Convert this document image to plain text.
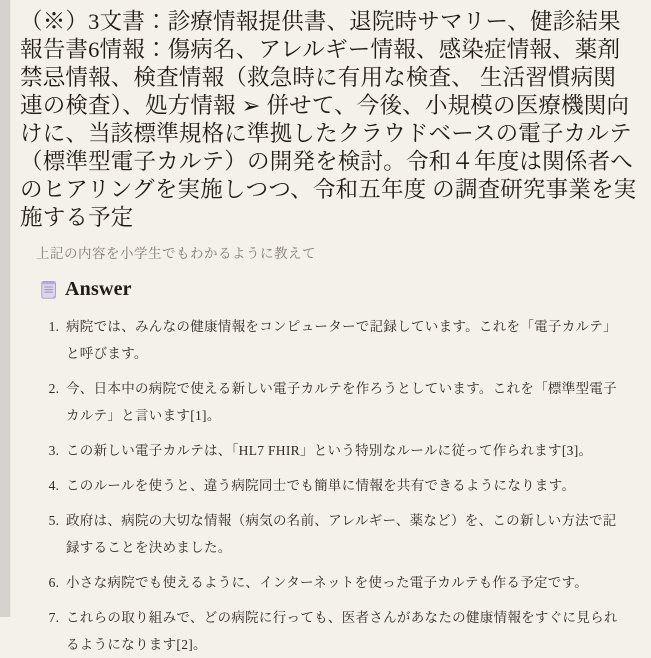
（※）3文書：診療情報提供書、退院時サマリー、健診結果報告書6情報：傷病名、アレルギー情報、感染症情報、薬剤禁忌情報、検査情報（救急時に有用な検査、 生活習慣病関連の検査）、処方情報 ➢ 併せて、今後、小規模の医療機関向けに、当該標準規格に準拠したクラウドベースの電子カルテ（標準型電子カルテ）の開発を検討。令和４年度は関係者へのヒアリングを実施しつつ、令和五年度 の調査研究事業を実施する予定

上記の内容を小学生でもわかるように教えて

Answer
1. 病院では、みんなの健康情報をコンピューターで記録しています。これを「電子カルテ」と呼びます。
2. 今、日本中の病院で使える新しい電子カルテを作ろうとしています。これを「標準型電子カルテ」と言います[1]。
3. この新しい電子カルテは、「HL7 FHIR」という特別なルールに従って作られます[3]。
4. このルールを使うと、違う病院同士でも簡単に情報を共有できるようになります。
5. 政府は、病院の大切な情報（病気の名前、アレルギー、薬など）を、この新しい方法で記録することを決めました。
6. 小さな病院でも使えるように、インターネットを使った電子カルテも作る予定です。
7. これらの取り組みで、どの病院に行っても、医者さんがあなたの健康情報をすぐに見られるようになります[2]。
